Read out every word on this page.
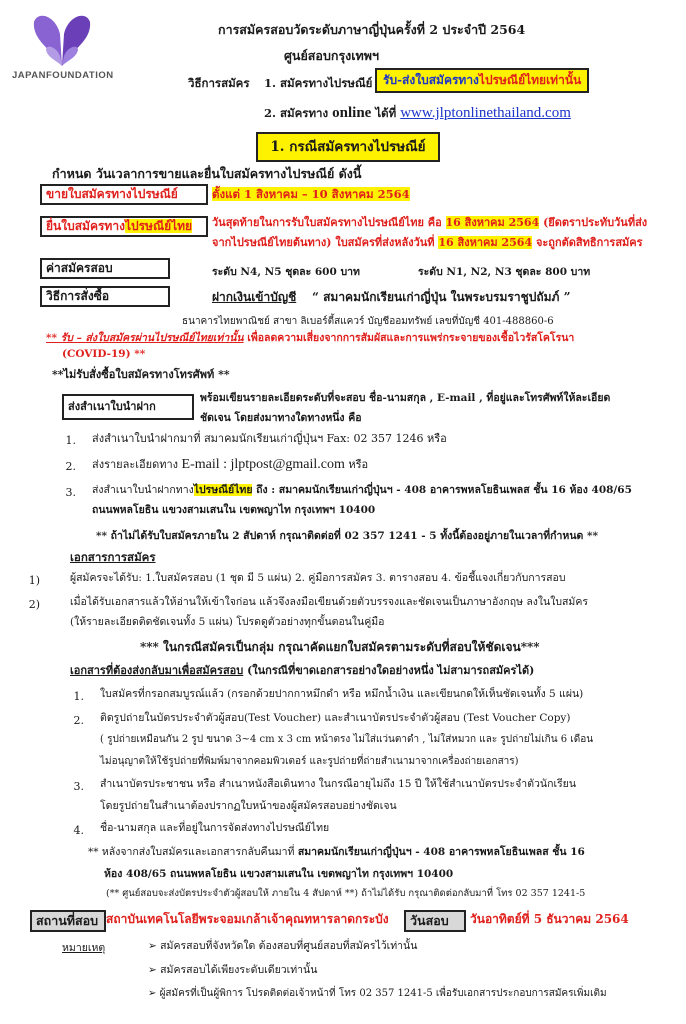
JAPANFOUNDATION
การสมัครสอบวัดระดับภาษาญี่ปุ่นครั้งที่ 2 ประจำปี 2564
ศูนย์สอบกรุงเทพฯ
วิธีการสมัคร 1. สมัครทางไปรษณีย์ รับ-ส่งใบสมัครทางไปรษณีย์ไทยเท่านั้น
2. สมัครทาง online ได้ที่ www.jlptonlinethailand.com
1. กรณีสมัครทางไปรษณีย์
กำหนด วันเวลาการขายและยื่นใบสมัครทางไปรษณีย์ ดังนี้
ขายใบสมัครทางไปรษณีย์	ตั้งแต่ 1 สิงหาคม – 10 สิงหาคม 2564
ยื่นใบสมัครทางไปรษณีย์ไทย	วันสุดท้ายในการรับใบสมัครทางไปรษณีย์ไทย คือ 16 สิงหาคม 2564 (ยึดตราประทับวันที่ส่ง
จากไปรษณีย์ไทยต้นทาง) ใบสมัครที่ส่งหลังวันที่ 16 สิงหาคม 2564 จะถูกตัดสิทธิการสมัคร
ค่าสมัครสอบ	ระดับ N4, N5 ชุดละ 600 บาท	ระดับ N1, N2, N3 ชุดละ 800 บาท
วิธีการสั่งซื้อ	ฝากเงินเข้าบัญชี “ สมาคมนักเรียนเก่าญี่ปุ่น ในพระบรมราชูปถัมภ์ ”
ธนาคารไทยพาณิชย์ สาขา ลิเบอร์ตี้สแควร์ บัญชีออมทรัพย์ เลขที่บัญชี 401-488860-6
** รับ – ส่งใบสมัครผ่านไปรษณีย์ไทยเท่านั้น เพื่อลดความเสี่ยงจากการสัมผัสและการแพร่กระจายของเชื้อไวรัสโคโรนา
(COVID-19) **
**ไม่รับสั่งซื้อใบสมัครทางโทรศัพท์ **
ส่งสำเนาใบนำฝาก
พร้อมเขียนรายละเอียดระดับที่จะสอบ ชื่อ-นามสกุล , E-mail , ที่อยู่และโทรศัพท์ให้ละเอียด
ชัดเจน โดยส่งมาทางใดทางหนึ่ง คือ
1. ส่งสำเนาใบนำฝากมาที่ สมาคมนักเรียนเก่าญี่ปุ่นฯ Fax: 02 357 1246 หรือ
2. ส่งรายละเอียดทาง E-mail : jlptpost@gmail.com หรือ
3. ส่งสำเนาใบนำฝากทางไปรษณีย์ไทย ถึง : สมาคมนักเรียนเก่าญี่ปุ่นฯ - 408 อาคารพหลโยธินเพลส ชั้น 16 ห้อง 408/65
ถนนพหลโยธิน แขวงสามเสนใน เขตพญาไท กรุงเทพฯ 10400
** ถ้าไม่ได้รับใบสมัครภายใน 2 สัปดาห์ กรุณาติดต่อที่ 02 357 1241 - 5 ทั้งนี้ต้องอยู่ภายในเวลาที่กำหนด **
เอกสารการสมัคร
1)	ผู้สมัครจะได้รับ: 1.ใบสมัครสอบ (1 ชุด มี 5 แผ่น) 2. คู่มือการสมัคร 3. ตารางสอบ 4. ข้อชี้แจงเกี่ยวกับการสอบ
2)	เมื่อได้รับเอกสารแล้วให้อ่านให้เข้าใจก่อน แล้วจึงลงมือเขียนด้วยตัวบรรจงและชัดเจนเป็นภาษาอังกฤษ ลงในใบสมัคร
(ให้รายละเอียดติดชัดเจนทั้ง 5 แผ่น) โปรดดูตัวอย่างทุกขั้นตอนในคู่มือ
*** ในกรณีสมัครเป็นกลุ่ม กรุณาคัดแยกใบสมัครตามระดับที่สอบให้ชัดเจน***
เอกสารที่ต้องส่งกลับมาเพื่อสมัครสอบ (ในกรณีที่ขาดเอกสารอย่างใดอย่างหนึ่ง ไม่สามารถสมัครได้)
1. ใบสมัครที่กรอกสมบูรณ์แล้ว (กรอกด้วยปากกาหมึกดำ หรือ หมึกน้ำเงิน และเขียนกดให้เห็นชัดเจนทั้ง 5 แผ่น)
2. ติดรูปถ่ายในบัตรประจำตัวผู้สอบ(Test Voucher) และสำเนาบัตรประจำตัวผู้สอบ (Test Voucher Copy)
( รูปถ่ายเหมือนกัน 2 รูป ขนาด 3~4 cm x 3 cm หน้าตรง ไม่ใส่แว่นตาดำ , ไม่ใส่หมวก และ รูปถ่ายไม่เกิน 6 เดือน
ไม่อนุญาตให้ใช้รูปถ่ายที่พิมพ์มาจากคอมพิวเตอร์ และรูปถ่ายที่ถ่ายสำเนามาจากเครื่องถ่ายเอกสาร)
3. สำเนาบัตรประชาชน หรือ สำเนาหนังสือเดินทาง ในกรณีอายุไม่ถึง 15 ปี ให้ใช้สำเนาบัตรประจำตัวนักเรียน
โดยรูปถ่ายในสำเนาต้องปรากฏใบหน้าของผู้สมัครสอบอย่างชัดเจน
4. ชื่อ-นามสกุล และที่อยู่ในการจัดส่งทางไปรษณีย์ไทย
** หลังจากส่งใบสมัครและเอกสารกลับคืนมาที่ สมาคมนักเรียนเก่าญี่ปุ่นฯ - 408 อาคารพหลโยธินเพลส ชั้น 16
ห้อง 408/65 ถนนพหลโยธิน แขวงสามเสนใน เขตพญาไท กรุงเทพฯ 10400
(** ศูนย์สอบจะส่งบัตรประจำตัวผู้สอบให้ ภายใน 4 สัปดาห์ **) ถ้าไม่ได้รับ กรุณาติดต่อกลับมาที่ โทร 02 357 1241-5
สถานที่สอบ สถาบันเทคโนโลยีพระจอมเกล้าเจ้าคุณทหารลาดกระบัง	วันสอบ	วันอาทิตย์ที่ 5 ธันวาคม 2564
หมายเหตุ	➢ สมัครสอบที่จังหวัดใด ต้องสอบที่ศูนย์สอบที่สมัครไว้เท่านั้น
➢ สมัครสอบได้เพียงระดับเดียวเท่านั้น
➢ ผู้สมัครที่เป็นผู้พิการ โปรดติดต่อเจ้าหน้าที่ โทร 02 357 1241-5 เพื่อรับเอกสารประกอบการสมัครเพิ่มเติม
